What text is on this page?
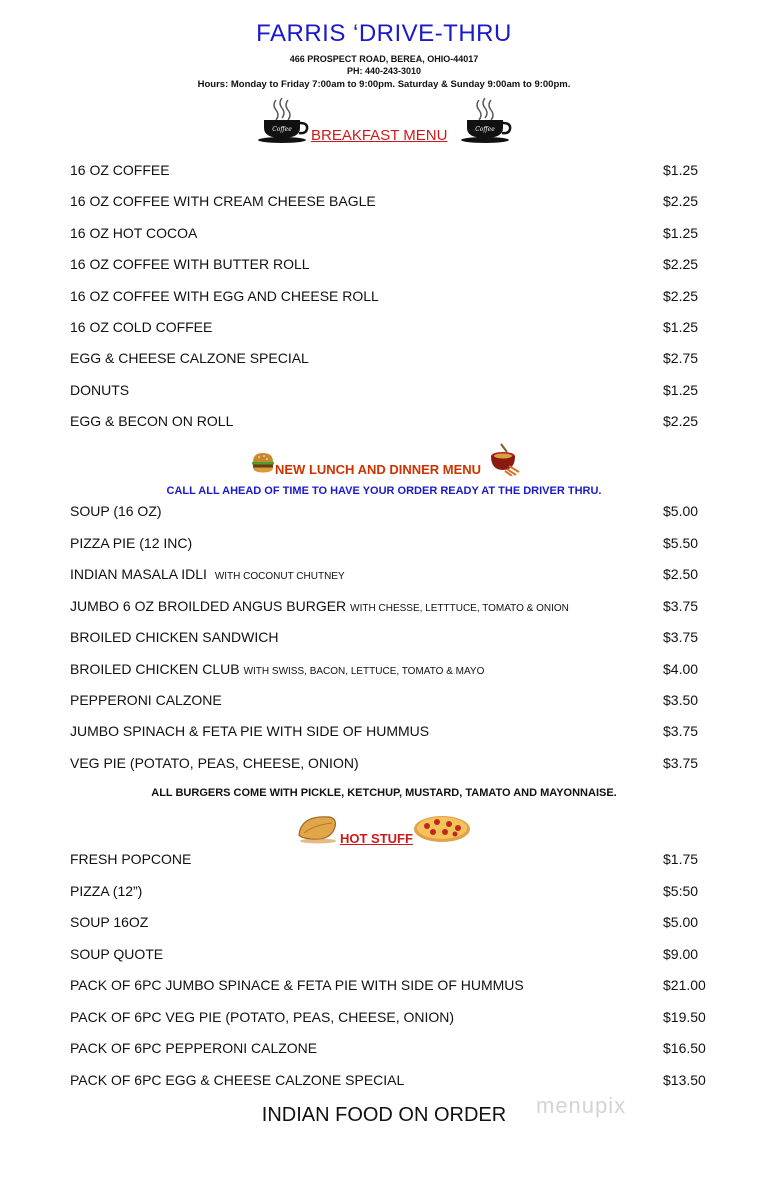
FARRIS ‘DRIVE-THRU
466 PROSPECT ROAD, BEREA, OHIO-44017
PH: 440-243-3010
Hours: Monday to Friday 7:00am to 9:00pm. Saturday & Sunday 9:00am to 9:00pm.
Coffee BREAKFAST MENU	Coffee
16 OZ COFFEE	$1.25
16 OZ COFFEE WITH CREAM CHEESE BAGLE	$2.25
16 OZ HOT COCOA	$1.25
16 OZ COFFEE WITH BUTTER ROLL	$2.25
16 OZ COFFEE WITH EGG AND CHEESE ROLL	$2.25
16 OZ COLD COFFEE	$1.25
EGG & CHEESE CALZONE SPECIAL	$2.75
DONUTS	$1.25
EGG & BECON ON ROLL	$2.25
NEW LUNCH AND DINNER MENU
CALL ALL AHEAD OF TIME TO HAVE YOUR ORDER READY AT THE DRIVER THRU.
SOUP (16 OZ)	$5.00
PIZZA PIE (12 INC)	$5.50
INDIAN MASALA IDLI WITH COCONUT CHUTNEY	$2.50
JUMBO 6 OZ BROILDED ANGUS BURGER WITH CHESSE, LETTTUCE, TOMATO & ONION	$3.75
BROILED CHICKEN SANDWICH	$3.75
BROILED CHICKEN CLUB WITH SWISS, BACON, LETTUCE, TOMATO & MAYO	$4.00
PEPPERONI CALZONE	$3.50
JUMBO SPINACH & FETA PIE WITH SIDE OF HUMMUS	$3.75
VEG PIE (POTATO, PEAS, CHEESE, ONION)	$3.75
ALL BURGERS COME WITH PICKLE, KETCHUP, MUSTARD, TAMATO AND MAYONNAISE.
HOT STUFF
FRESH POPCONE	$1.75
PIZZA (12”)	$5:50
SOUP 16OZ	$5.00
SOUP QUOTE	$9.00
PACK OF 6PC JUMBO SPINACE & FETA PIE WITH SIDE OF HUMMUS	$21.00
PACK OF 6PC VEG PIE (POTATO, PEAS, CHEESE, ONION)	$19.50
PACK OF 6PC PEPPERONI CALZONE	$16.50
PACK OF 6PC EGG & CHEESE CALZONE SPECIAL	$13.50
menupix
INDIAN FOOD ON ORDER
